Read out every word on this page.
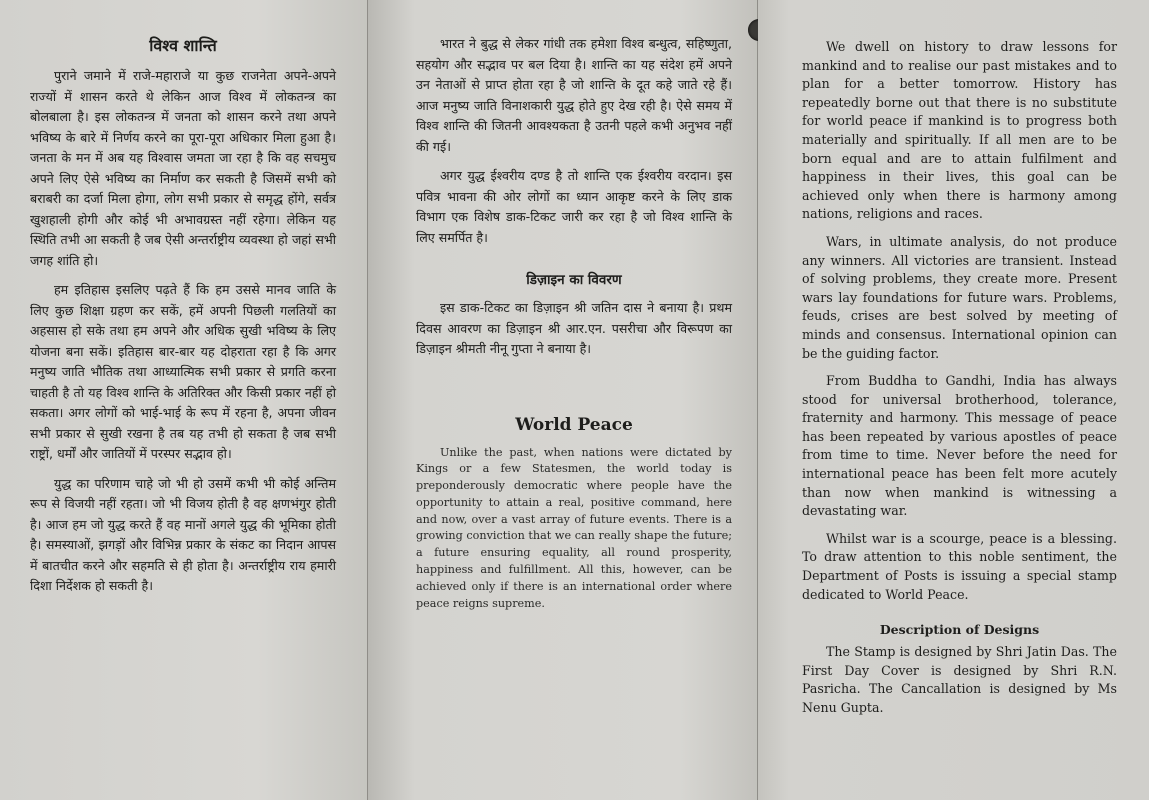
विश्व शान्ति

पुराने जमाने में राजे-महाराजे या कुछ राजनेता अपने-अपने राज्यों में शासन करते थे लेकिन आज विश्व में लोकतन्त्र का बोलबाला है। इस लोकतन्त्र में जनता को शासन करने तथा अपने भविष्य के बारे में निर्णय करने का पूरा-पूरा अधिकार मिला हुआ है। जनता के मन में अब यह विश्वास जमता जा रहा है कि वह सचमुच अपने लिए ऐसे भविष्य का निर्माण कर सकती है जिसमें सभी को बराबरी का दर्जा मिला होगा, लोग सभी प्रकार से समृद्ध होंगे, सर्वत्र खुशहाली होगी और कोई भी अभावग्रस्त नहीं रहेगा। लेकिन यह स्थिति तभी आ सकती है जब ऐसी अन्तर्राष्ट्रीय व्यवस्था हो जहां सभी जगह शांति हो।

हम इतिहास इसलिए पढ़ते हैं कि हम उससे मानव जाति के लिए कुछ शिक्षा ग्रहण कर सकें, हमें अपनी पिछली गलतियों का अहसास हो सके तथा हम अपने और अधिक सुखी भविष्य के लिए योजना बना सकें। इतिहास बार-बार यह दोहराता रहा है कि अगर मनुष्य जाति भौतिक तथा आध्यात्मिक सभी प्रकार से प्रगति करना चाहती है तो यह विश्व शान्ति के अतिरिक्त और किसी प्रकार नहीं हो सकता। अगर लोगों को भाई-भाई के रूप में रहना है, अपना जीवन सभी प्रकार से सुखी रखना है तब यह तभी हो सकता है जब सभी राष्ट्रों, धर्मों और जातियों में परस्पर सद्भाव हो।

युद्ध का परिणाम चाहे जो भी हो उसमें कभी भी कोई अन्तिम रूप से विजयी नहीं रहता। जो भी विजय होती है वह क्षणभंगुर होती है। आज हम जो युद्ध करते हैं वह मानों अगले युद्ध की भूमिका होती है। समस्याओं, झगड़ों और विभिन्न प्रकार के संकट का निदान आपस में बातचीत करने और सहमति से ही होता है। अन्तर्राष्ट्रीय राय हमारी दिशा निर्देशक हो सकती है।

भारत ने बुद्ध से लेकर गांधी तक हमेशा विश्व बन्धुत्व, सहिष्णुता, सहयोग और सद्भाव पर बल दिया है। शान्ति का यह संदेश हमें अपने उन नेताओं से प्राप्त होता रहा है जो शान्ति के दूत कहे जाते रहे हैं। आज मनुष्य जाति विनाशकारी युद्ध होते हुए देख रही है। ऐसे समय में विश्व शान्ति की जितनी आवश्यकता है उतनी पहले कभी अनुभव नहीं की गई।

अगर युद्ध ईश्वरीय दण्ड है तो शान्ति एक ईश्वरीय वरदान। इस पवित्र भावना की ओर लोगों का ध्यान आकृष्ट करने के लिए डाक विभाग एक विशेष डाक-टिकट जारी कर रहा है जो विश्व शान्ति के लिए समर्पित है।

डिज़ाइन का विवरण

इस डाक-टिकट का डिज़ाइन श्री जतिन दास ने बनाया है। प्रथम दिवस आवरण का डिज़ाइन श्री आर.एन. पसरीचा और विरूपण का डिज़ाइन श्रीमती नीनू गुप्ता ने बनाया है।

World Peace

Unlike the past, when nations were dictated by Kings or a few Statesmen, the world today is preponderously democratic where people have the opportunity to attain a real, positive command, here and now, over a vast array of future events. There is a growing conviction that we can really shape the future; a future ensuring equality, all round prosperity, happiness and fulfillment. All this, however, can be achieved only if there is an international order where peace reigns supreme.

We dwell on history to draw lessons for mankind and to realise our past mistakes and to plan for a better tomorrow. History has repeatedly borne out that there is no substitute for world peace if mankind is to progress both materially and spiritually. If all men are to be born equal and are to attain fulfilment and happiness in their lives, this goal can be achieved only when there is harmony among nations, religions and races.

Wars, in ultimate analysis, do not produce any winners. All victories are transient. Instead of solving problems, they create more. Present wars lay foundations for future wars. Problems, feuds, crises are best solved by meeting of minds and consensus. International opinion can be the guiding factor.

From Buddha to Gandhi, India has always stood for universal brotherhood, tolerance, fraternity and harmony. This message of peace has been repeated by various apostles of peace from time to time. Never before the need for international peace has been felt more acutely than now when mankind is witnessing a devastating war.

Whilst war is a scourge, peace is a blessing. To draw attention to this noble sentiment, the Department of Posts is issuing a special stamp dedicated to World Peace.

Description of Designs

The Stamp is designed by Shri Jatin Das. The First Day Cover is designed by Shri R.N. Pasricha. The Cancallation is designed by Ms Nenu Gupta.
